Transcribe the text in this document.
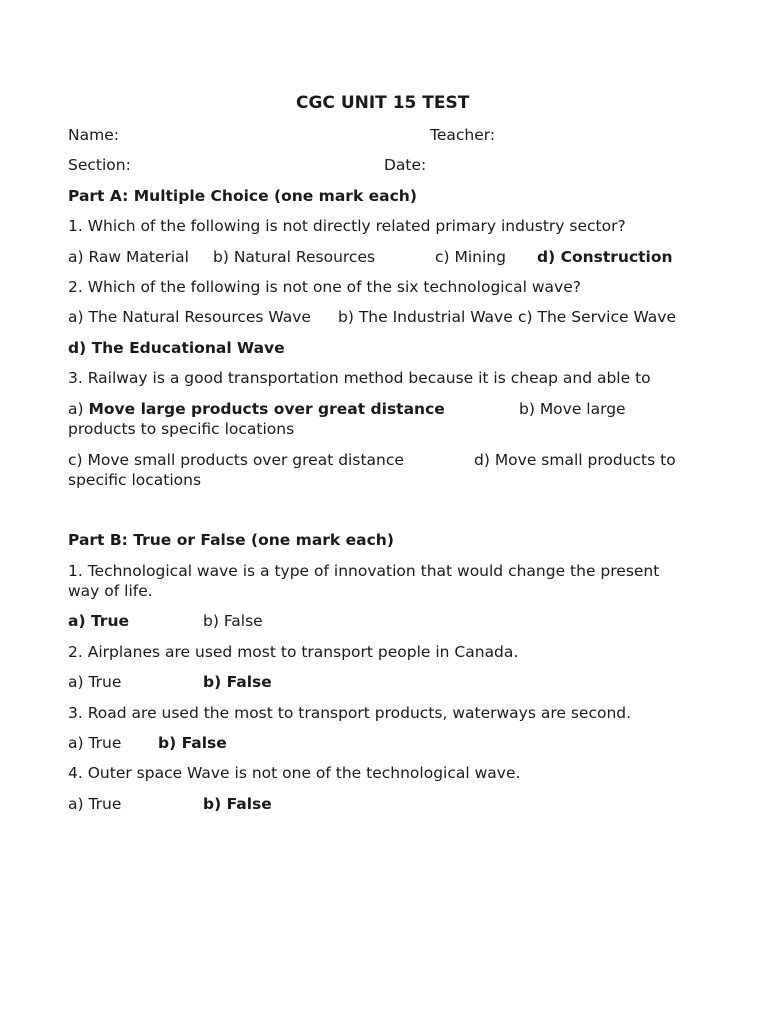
CGC UNIT 15 TEST
Name:	Teacher:
Section:	Date:
Part A: Multiple Choice (one mark each)
1. Which of the following is not directly related primary industry sector?
a) Raw Material b) Natural Resources	c) Mining d) Construction
2. Which of the following is not one of the six technological wave?
a) The Natural Resources Wave b) The Industrial Wave c) The Service Wave
d) The Educational Wave
3. Railway is a good transportation method because it is cheap and able to
a) Move large products over great distance	b) Move large
products to specific locations
c) Move small products over great distance	d) Move small products to
specific locations
Part B: True or False (one mark each)
1. Technological wave is a type of innovation that would change the present
way of life.
a) True	b) False
2. Airplanes are used most to transport people in Canada.
a) True	b) False
3. Road are used the most to transport products, waterways are second.
a) True b) False
4. Outer space Wave is not one of the technological wave.
a) True	b) False
